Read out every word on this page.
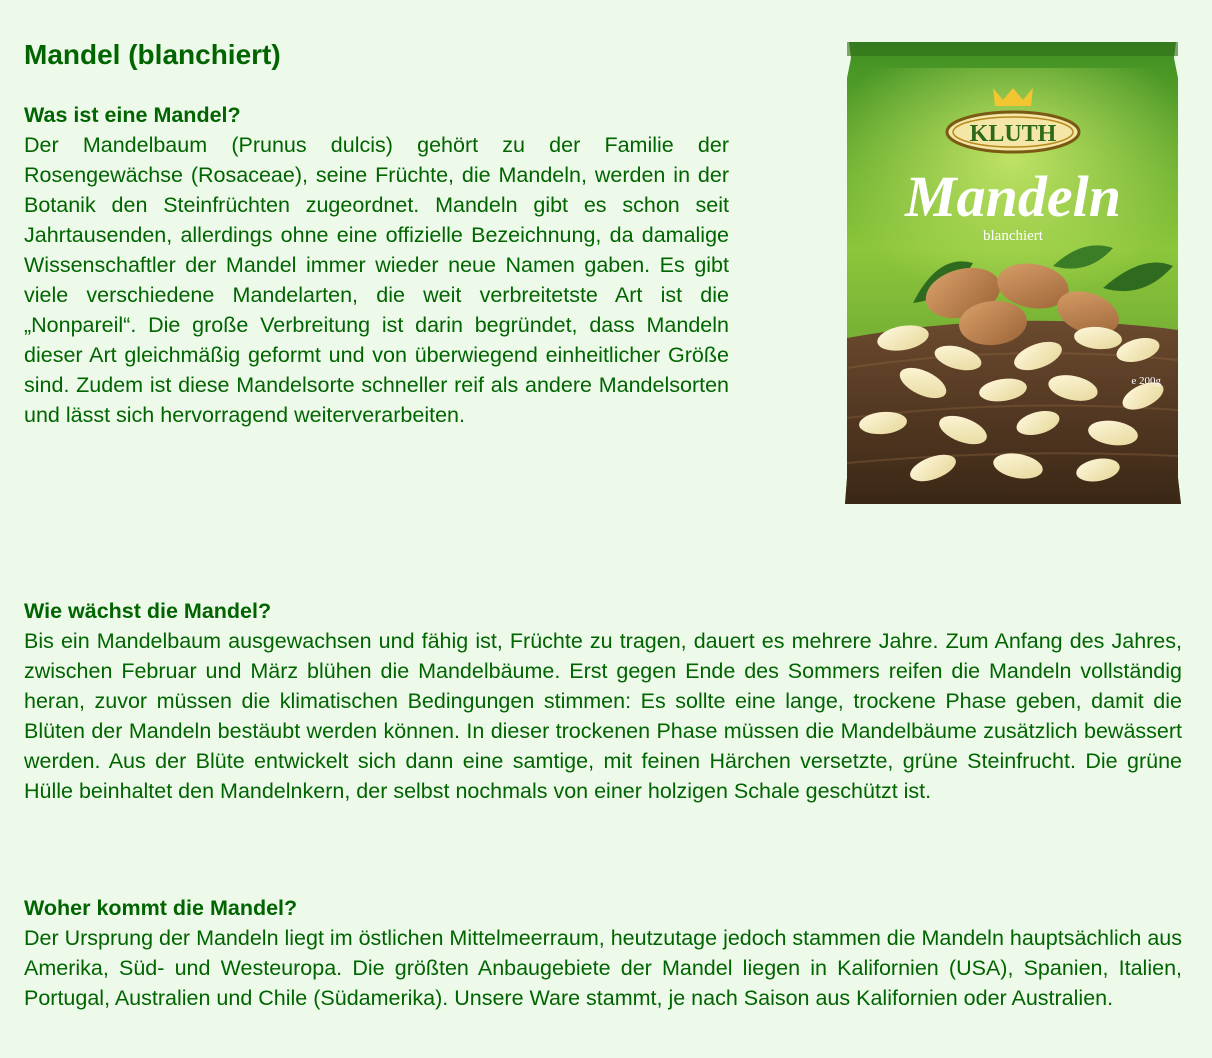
Mandel (blanchiert)
Was ist eine Mandel?

Der Mandelbaum (Prunus dulcis) gehört zu der Familie der Rosengewächse (Rosaceae), seine Früchte, die Mandeln, werden in der Botanik den Steinfrüchten zugeordnet. Mandeln gibt es schon seit Jahrtausenden, allerdings ohne eine offizielle Bezeichnung, da damalige Wissenschaftler der Mandel immer wieder neue Namen gaben. Es gibt viele verschiedene Mandelarten, die weit verbreitetste Art ist die „Nonpareil“. Die große Verbreitung ist darin begründet, dass Mandeln dieser Art gleichmäßig geformt und von überwiegend einheitlicher Größe sind. Zudem ist diese Mandelsorte schneller reif als andere Mandelsorten und lässt sich hervorragend weiterverarbeiten.

KLUTH
Mandeln
blanchiert
e 200g
Wie wächst die Mandel?

Bis ein Mandelbaum ausgewachsen und fähig ist, Früchte zu tragen, dauert es mehrere Jahre. Zum Anfang des Jahres, zwischen Februar und März blühen die Mandelbäume. Erst gegen Ende des Sommers reifen die Mandeln vollständig heran, zuvor müssen die klimatischen Bedingungen stimmen: Es sollte eine lange, trockene Phase geben, damit die Blüten der Mandeln bestäubt werden können. In dieser trockenen Phase müssen die Mandelbäume zusätzlich bewässert werden. Aus der Blüte entwickelt sich dann eine samtige, mit feinen Härchen versetzte, grüne Steinfrucht. Die grüne Hülle beinhaltet den Mandelnkern, der selbst nochmals von einer holzigen Schale geschützt ist.

Woher kommt die Mandel?

Der Ursprung der Mandeln liegt im östlichen Mittelmeerraum, heutzutage jedoch stammen die Mandeln hauptsächlich aus Amerika, Süd- und Westeuropa. Die größten Anbaugebiete der Mandel liegen in Kalifornien (USA), Spanien, Italien, Portugal, Australien und Chile (Südamerika). Unsere Ware stammt, je nach Saison aus Kalifornien oder Australien.
